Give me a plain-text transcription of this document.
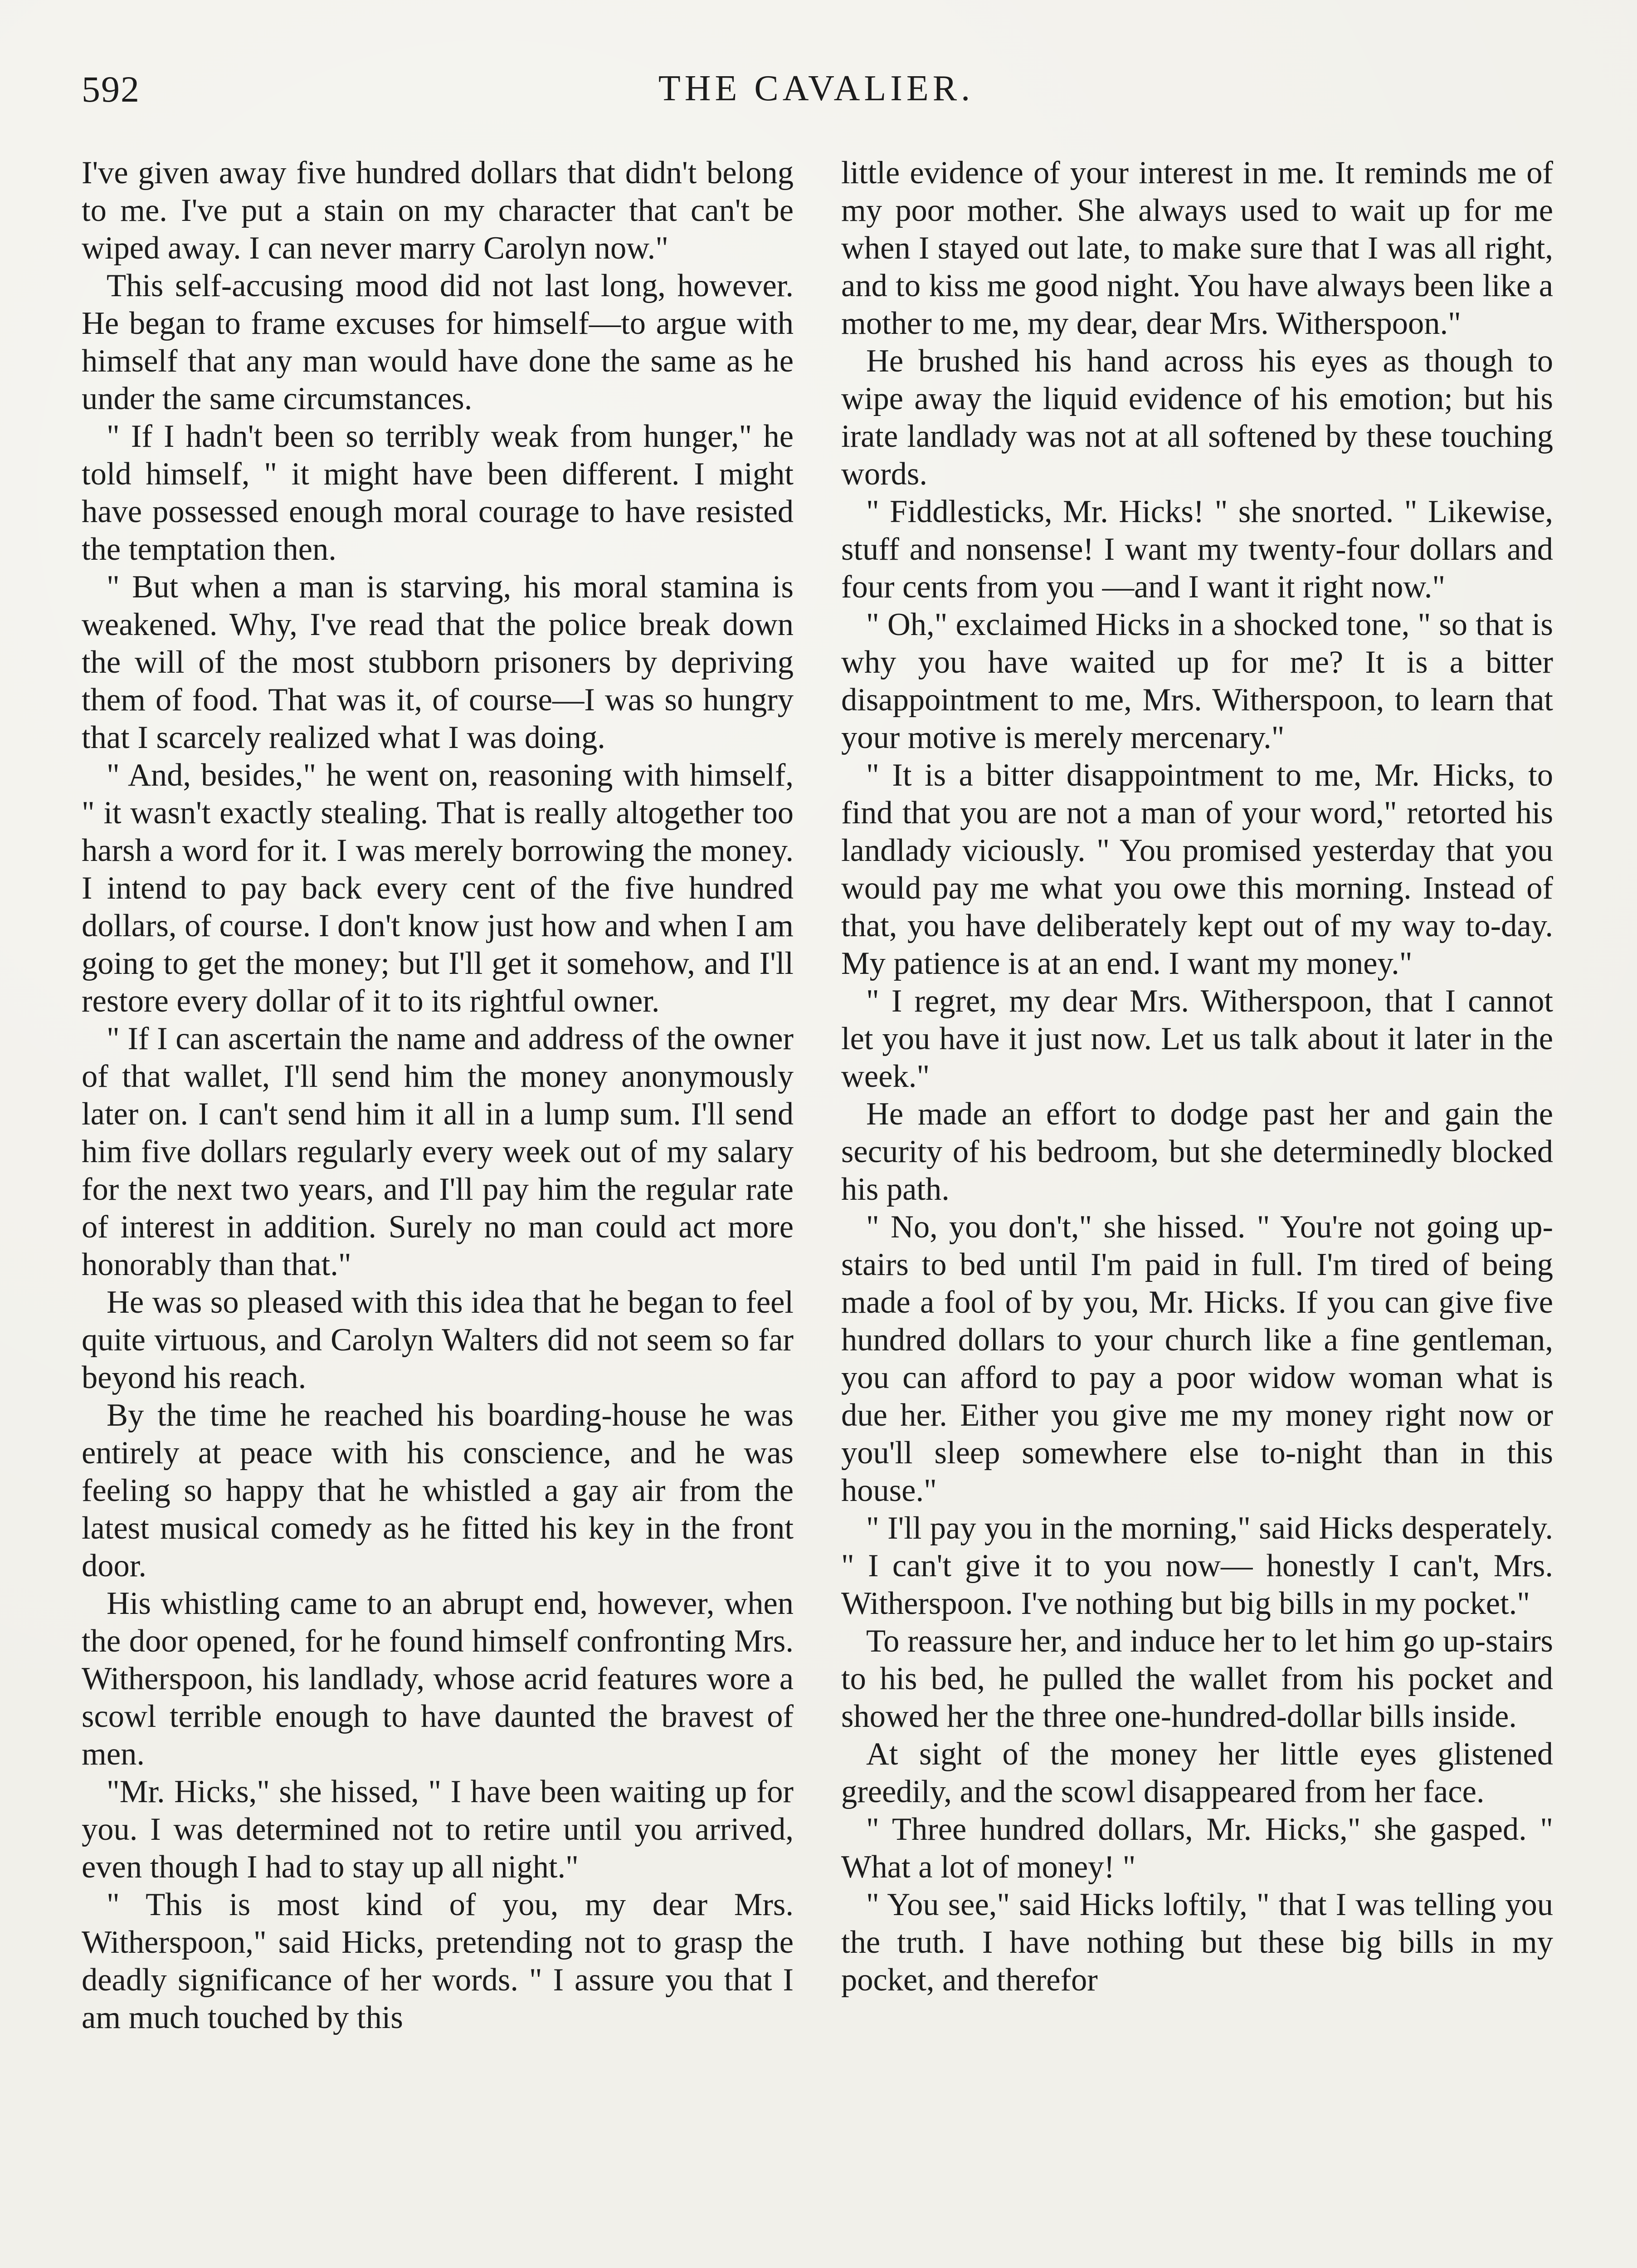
THE CAVALIER.
592

I've given away five hundred dollars that didn't belong to me. I've put a stain on my character that can't be wiped away. I can never marry Carolyn now."

This self-accusing mood did not last long, however. He began to frame excuses for himself—to argue with himself that any man would have done the same as he under the same circumstances.

" If I hadn't been so terribly weak from hunger," he told himself, " it might have been different. I might have possessed enough moral courage to have resisted the temptation then.

" But when a man is starving, his moral stamina is weakened. Why, I've read that the police break down the will of the most stubborn prisoners by depriving them of food. That was it, of course—I was so hungry that I scarcely realized what I was doing.

" And, besides," he went on, reasoning with himself, " it wasn't exactly stealing. That is really altogether too harsh a word for it. I was merely borrowing the money. I intend to pay back every cent of the five hundred dollars, of course. I don't know just how and when I am going to get the money; but I'll get it somehow, and I'll restore every dollar of it to its rightful owner.

" If I can ascertain the name and address of the owner of that wallet, I'll send him the money anonymously later on. I can't send him it all in a lump sum. I'll send him five dollars regularly every week out of my salary for the next two years, and I'll pay him the regular rate of interest in addition. Surely no man could act more honorably than that."

He was so pleased with this idea that he began to feel quite virtuous, and Carolyn Walters did not seem so far beyond his reach.

By the time he reached his boarding-house he was entirely at peace with his conscience, and he was feeling so happy that he whistled a gay air from the latest musical comedy as he fitted his key in the front door.

His whistling came to an abrupt end, however, when the door opened, for he found himself confronting Mrs. Witherspoon, his landlady, whose acrid features wore a scowl terrible enough to have daunted the bravest of men.

"Mr. Hicks," she hissed, " I have been waiting up for you. I was determined not to retire until you arrived, even though I had to stay up all night."

" This is most kind of you, my dear Mrs. Witherspoon," said Hicks, pretending not to grasp the deadly significance of her words. " I assure you that I am much touched by this

little evidence of your interest in me. It reminds me of my poor mother. She always used to wait up for me when I stayed out late, to make sure that I was all right, and to kiss me good night. You have always been like a mother to me, my dear, dear Mrs. Witherspoon."

He brushed his hand across his eyes as though to wipe away the liquid evidence of his emotion; but his irate landlady was not at all softened by these touching words.

" Fiddlesticks, Mr. Hicks! " she snorted. " Likewise, stuff and nonsense! I want my twenty-four dollars and four cents from you —and I want it right now."

" Oh," exclaimed Hicks in a shocked tone, " so that is why you have waited up for me? It is a bitter disappointment to me, Mrs. Witherspoon, to learn that your motive is merely mercenary."

" It is a bitter disappointment to me, Mr. Hicks, to find that you are not a man of your word," retorted his landlady viciously. " You promised yesterday that you would pay me what you owe this morning. Instead of that, you have deliberately kept out of my way to-day. My patience is at an end. I want my money."

" I regret, my dear Mrs. Witherspoon, that I cannot let you have it just now. Let us talk about it later in the week."

He made an effort to dodge past her and gain the security of his bedroom, but she determinedly blocked his path.

" No, you don't," she hissed. " You're not going up-stairs to bed until I'm paid in full. I'm tired of being made a fool of by you, Mr. Hicks. If you can give five hundred dollars to your church like a fine gentleman, you can afford to pay a poor widow woman what is due her. Either you give me my money right now or you'll sleep somewhere else to-night than in this house."

" I'll pay you in the morning," said Hicks desperately. " I can't give it to you now— honestly I can't, Mrs. Witherspoon. I've nothing but big bills in my pocket."

To reassure her, and induce her to let him go up-stairs to his bed, he pulled the wallet from his pocket and showed her the three one-hundred-dollar bills inside.

At sight of the money her little eyes glistened greedily, and the scowl disappeared from her face.

" Three hundred dollars, Mr. Hicks," she gasped. " What a lot of money! "

" You see," said Hicks loftily, " that I was telling you the truth. I have nothing but these big bills in my pocket, and therefor
